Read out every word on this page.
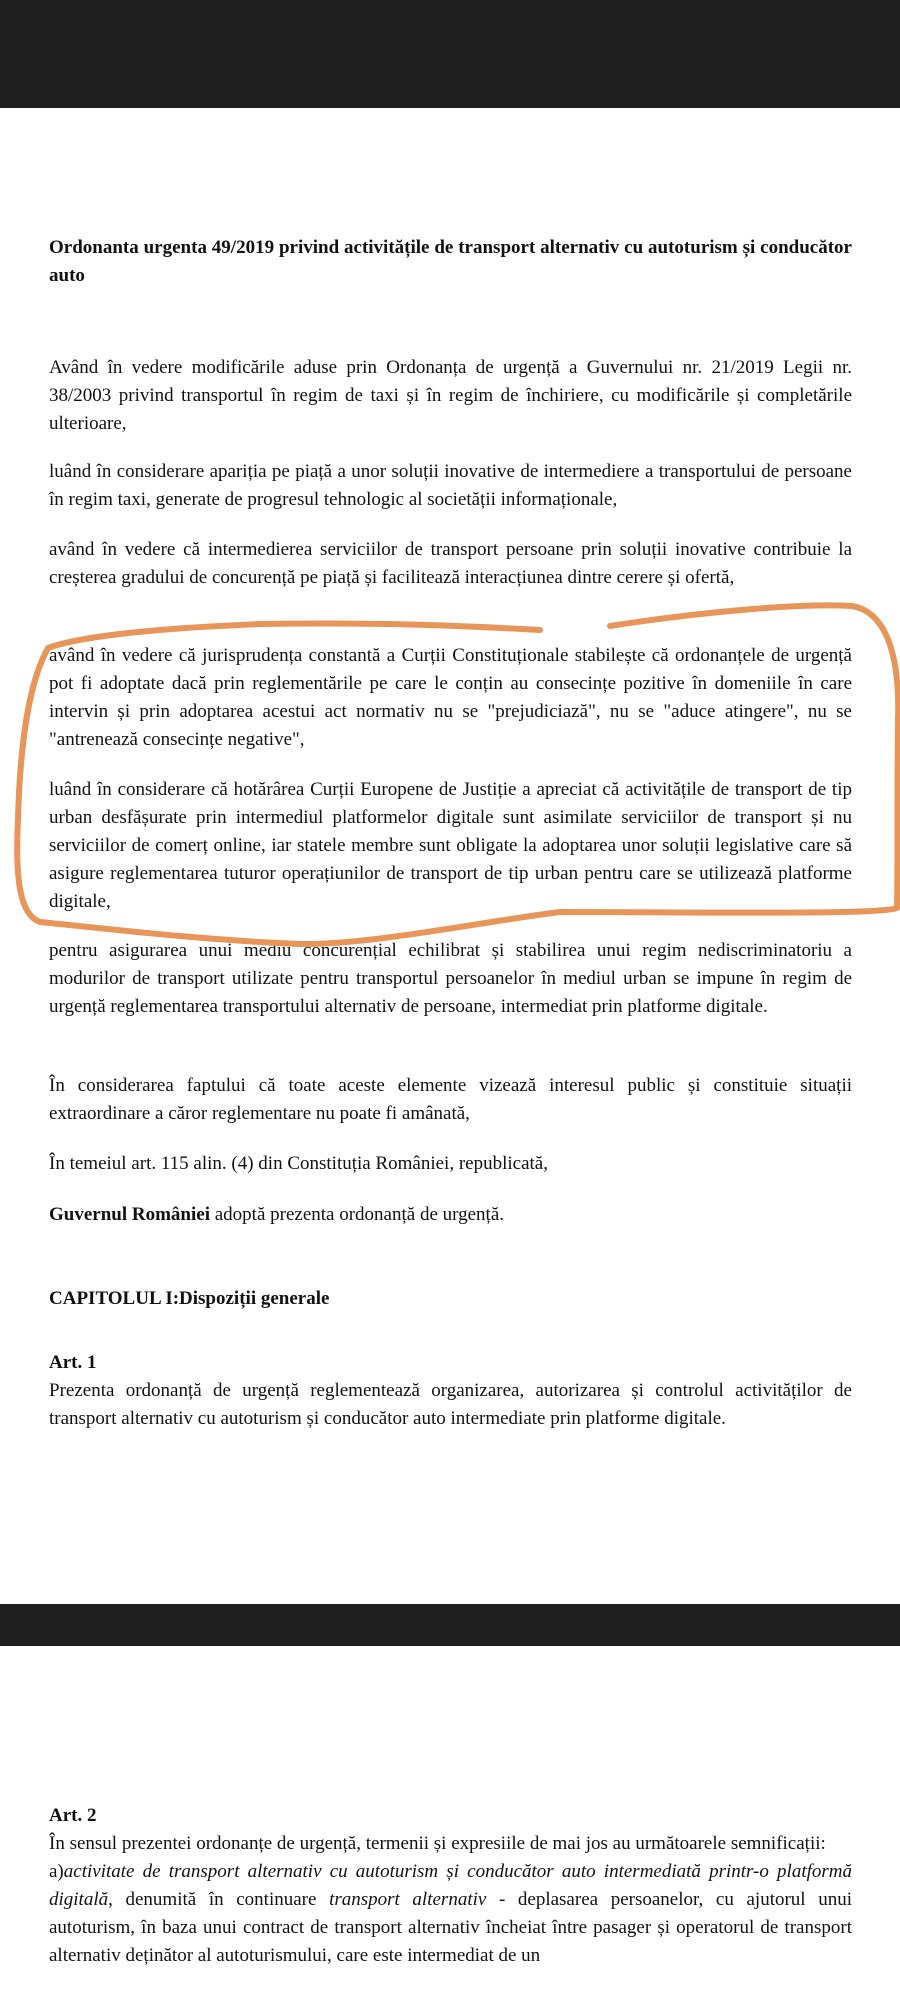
Ordonanta urgenta 49/2019 privind activitățile de transport alternativ cu autoturism și conducător auto

Având în vedere modificările aduse prin Ordonanța de urgență a Guvernului nr. 21/2019 Legii nr. 38/2003 privind transportul în regim de taxi și în regim de închiriere, cu modificările și completările ulterioare,

luând în considerare apariția pe piață a unor soluții inovative de intermediere a transportului de persoane în regim taxi, generate de progresul tehnologic al societății informaționale,

având în vedere că intermedierea serviciilor de transport persoane prin soluții inovative contribuie la creșterea gradului de concurență pe piață și facilitează interacțiunea dintre cerere și ofertă,

având în vedere că jurisprudența constantă a Curții Constituționale stabilește că ordonanțele de urgență pot fi adoptate dacă prin reglementările pe care le conțin au consecințe pozitive în domeniile în care intervin și prin adoptarea acestui act normativ nu se "prejudiciază", nu se "aduce atingere", nu se "antrenează consecințe negative",

luând în considerare că hotărârea Curții Europene de Justiție a apreciat că activitățile de transport de tip urban desfășurate prin intermediul platformelor digitale sunt asimilate serviciilor de transport și nu serviciilor de comerț online, iar statele membre sunt obligate la adoptarea unor soluții legislative care să asigure reglementarea tuturor operațiunilor de transport de tip urban pentru care se utilizează platforme digitale,

pentru asigurarea unui mediu concurențial echilibrat și stabilirea unui regim nediscriminatoriu a modurilor de transport utilizate pentru transportul persoanelor în mediul urban se impune în regim de urgență reglementarea transportului alternativ de persoane, intermediat prin platforme digitale.

În considerarea faptului că toate aceste elemente vizează interesul public și constituie situații extraordinare a căror reglementare nu poate fi amânată,

În temeiul art. 115 alin. (4) din Constituția României, republicată,

Guvernul României adoptă prezenta ordonanță de urgență.

CAPITOLUL I:Dispoziții generale
Art. 1
Prezenta ordonanță de urgență reglementează organizarea, autorizarea și controlul activităților de transport alternativ cu autoturism și conducător auto intermediate prin platforme digitale.
Art. 2
În sensul prezentei ordonanțe de urgență, termenii și expresiile de mai jos au următoarele semnificații:
a)activitate de transport alternativ cu autoturism și conducător auto intermediată printr-o platformă digitală, denumită în continuare transport alternativ - deplasarea persoanelor, cu ajutorul unui autoturism, în baza unui contract de transport alternativ încheiat între pasager și operatorul de transport alternativ deținător al autoturismului, care este intermediat de un
